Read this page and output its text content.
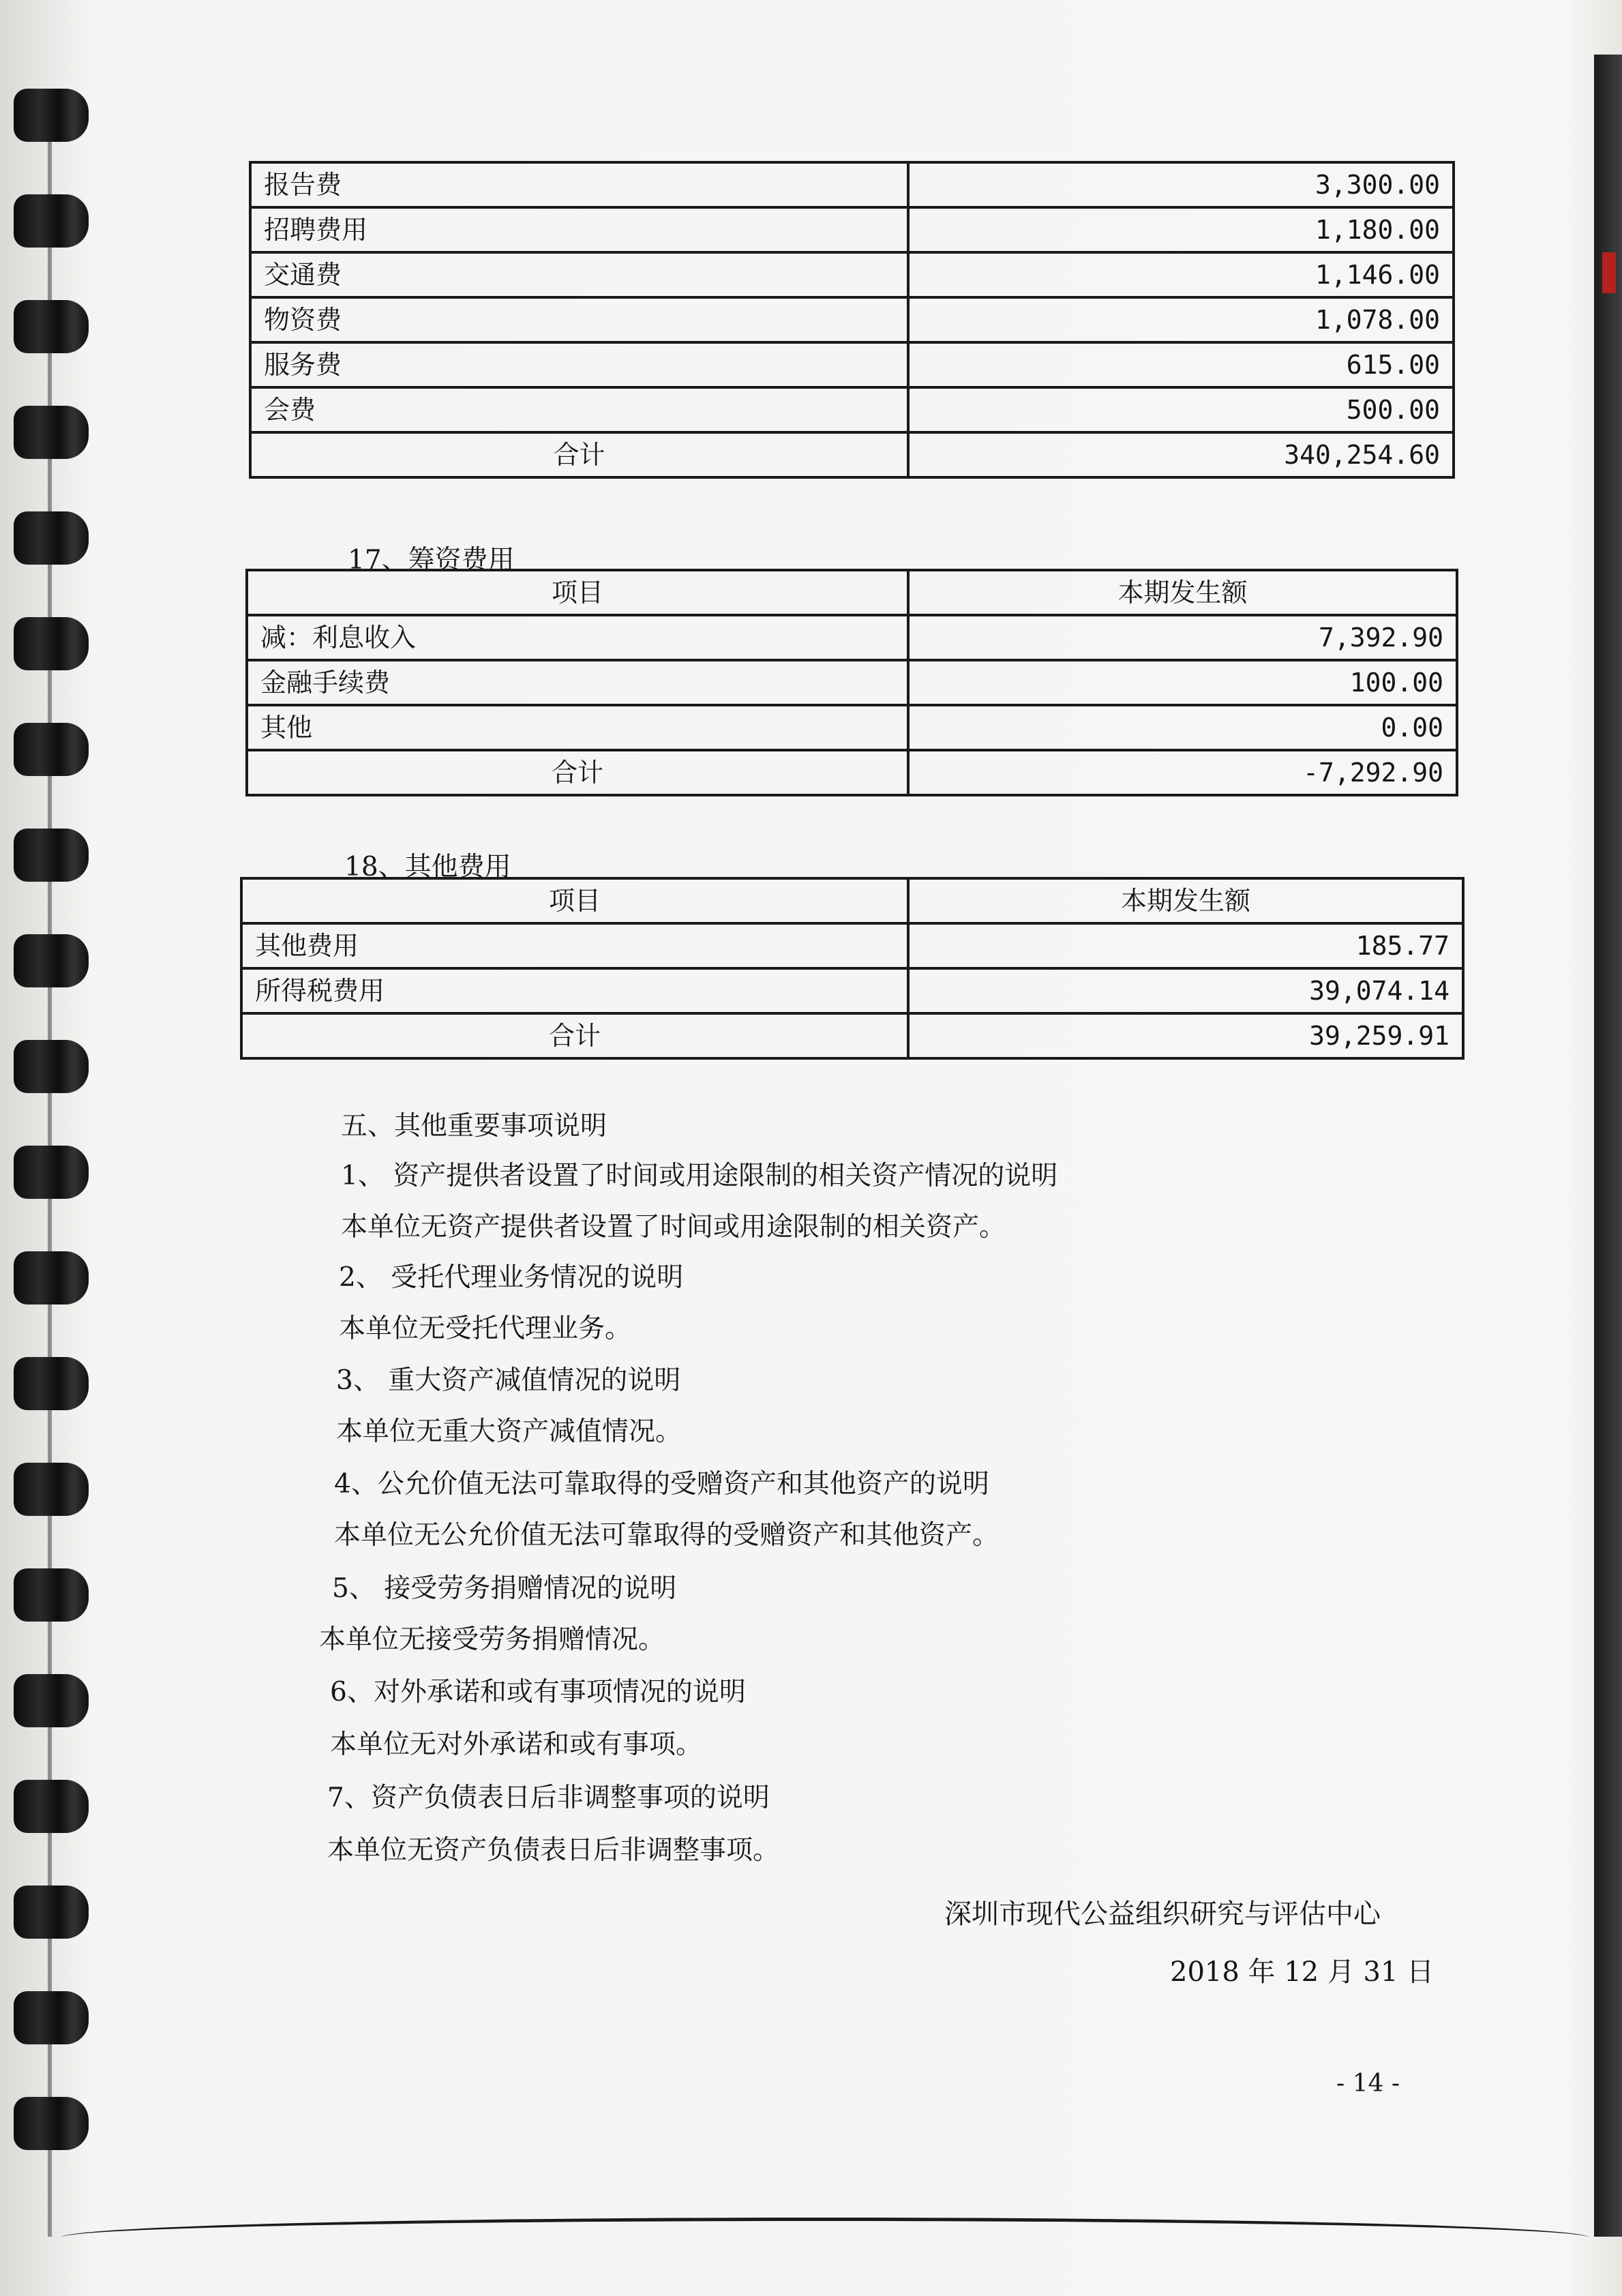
报告费	3,300.00
招聘费用	1,180.00
交通费	1,146.00
物资费	1,078.00
服务费	615.00
会费	500.00
合计	340,254.60
17、筹资费用
项目	本期发生额
减：利息收入	7,392.90
金融手续费	100.00
其他	0.00
合计	-7,292.90
18、其他费用
项目	本期发生额
其他费用	185.77
所得税费用	39,074.14
合计	39,259.91
五、其他重要事项说明
1、 资产提供者设置了时间或用途限制的相关资产情况的说明
本单位无资产提供者设置了时间或用途限制的相关资产。
2、 受托代理业务情况的说明
本单位无受托代理业务。
3、 重大资产减值情况的说明
本单位无重大资产减值情况。
4、公允价值无法可靠取得的受赠资产和其他资产的说明
本单位无公允价值无法可靠取得的受赠资产和其他资产。
5、 接受劳务捐赠情况的说明
本单位无接受劳务捐赠情况。
6、对外承诺和或有事项情况的说明
本单位无对外承诺和或有事项。
7、资产负债表日后非调整事项的说明
本单位无资产负债表日后非调整事项。
深圳市现代公益组织研究与评估中心
2018 年 12 月 31 日
- 14 -
